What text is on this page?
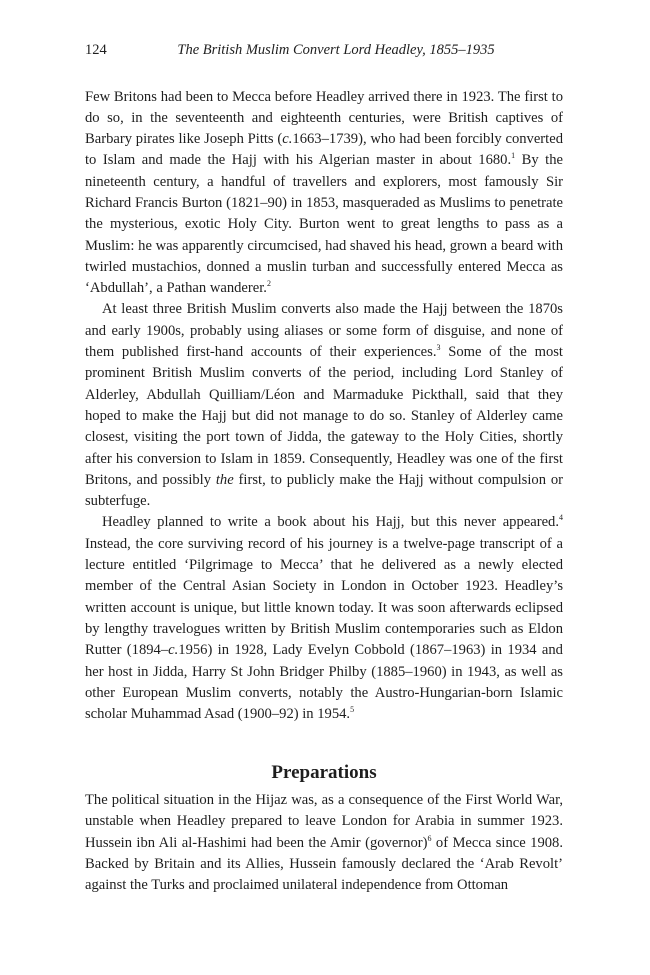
124	The British Muslim Convert Lord Headley, 1855–1935

Few Britons had been to Mecca before Headley arrived there in 1923. The first to do so, in the seventeenth and eighteenth centuries, were British captives of Barbary pirates like Joseph Pitts (c.1663–1739), who had been forcibly converted to Islam and made the Hajj with his Algerian master in about 1680.$^1$ By the nineteenth century, a handful of travellers and explorers, most famously Sir Richard Francis Burton (1821–90) in 1853, masqueraded as Muslims to penetrate the mysterious, exotic Holy City. Burton went to great lengths to pass as a Muslim: he was apparently circumcised, had shaved his head, grown a beard with twirled mustachios, donned a muslin turban and successfully entered Mecca as ‘Abdullah’, a Pathan wanderer.$^2$

At least three British Muslim converts also made the Hajj between the 1870s and early 1900s, probably using aliases or some form of disguise, and none of them published first-hand accounts of their experiences.$^3$ Some of the most prominent British Muslim converts of the period, including Lord Stanley of Alderley, Abdullah Quilliam/Léon and Marmaduke Pickthall, said that they hoped to make the Hajj but did not manage to do so. Stanley of Alderley came closest, visiting the port town of Jidda, the gateway to the Holy Cities, shortly after his conversion to Islam in 1859. Consequently, Headley was one of the first Britons, and possibly the first, to publicly make the Hajj without compulsion or subterfuge.

Headley planned to write a book about his Hajj, but this never appeared.$^4$ Instead, the core surviving record of his journey is a twelve-page transcript of a lecture entitled ‘Pilgrimage to Mecca’ that he delivered as a newly elected member of the Central Asian Society in London in October 1923. Headley’s written account is unique, but little known today. It was soon afterwards eclipsed by lengthy travelogues written by British Muslim contemporaries such as Eldon Rutter (1894–c.1956) in 1928, Lady Evelyn Cobbold (1867–1963) in 1934 and her host in Jidda, Harry St John Bridger Philby (1885–1960) in 1943, as well as other European Muslim converts, notably the Austro-Hungarian-born Islamic scholar Muhammad Asad (1900–92) in 1954.$^5$

Preparations

The political situation in the Hijaz was, as a consequence of the First World War, unstable when Headley prepared to leave London for Arabia in summer 1923. Hussein ibn Ali al-Hashimi had been the Amir (governor)$^6$ of Mecca since 1908. Backed by Britain and its Allies, Hussein famously declared the ‘Arab Revolt’ against the Turks and proclaimed unilateral independence from Ottoman
